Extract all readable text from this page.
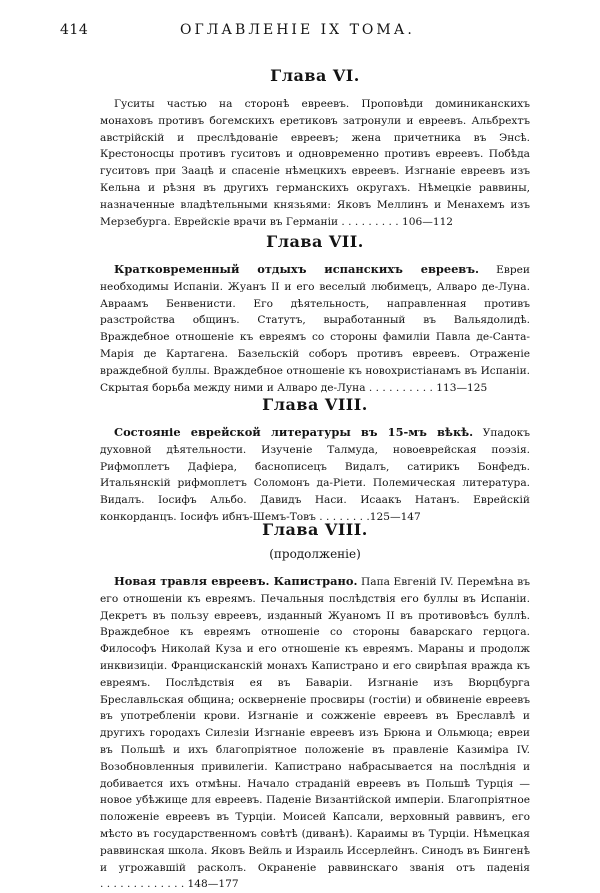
414	ОГЛАВЛЕНІЕ IX ТОМА.
Глава VI.
Гуситы частью на сторонѣ евреевъ. Проповѣди доминиканскихъ монаховъ противъ богемскихъ еретиковъ затронули и евреевъ. Альбрехтъ австрійскій и преслѣдованіе евреевъ; жена причетника въ Энсѣ. Крестоносцы противъ гуситовъ и одновременно противъ евреевъ. Побѣда гуситовъ при Заацѣ и спасеніе нѣмецкихъ евреевъ. Изгнаніе евреевъ изъ Кельна и рѣзня въ другихъ германскихъ округахъ. Нѣмецкіе раввины, назначенные владѣтельными князьями: Яковъ Меллинъ и Менахемъ изъ Мерзебурга. Еврейскіе врачи въ Германіи . . . . . . . . . 106—112
Глава VII.
Кратковременный отдыхъ испанскихъ евреевъ. Евреи необходимы Испаніи. Жуанъ II и его веселый любимецъ, Алваро де-Луна. Авраамъ Бенвенисти. Его дѣятельность, направленная противъ разстройства общинъ. Статутъ, выработанный въ Вальядолидѣ. Враждебное отношеніе къ евреямъ со стороны фамиліи Павла де-Санта-Марія де Картагена. Базельскій соборъ противъ евреевъ. Отраженіе враждебной буллы. Враждебное отношеніе къ новохристіанамъ въ Испаніи. Скрытая борьба между ними и Алваро де-Луна . . . . . . . . . . 113—125
Глава VIII.
Состояніе еврейской литературы въ 15-мъ вѣкѣ. Упадокъ духовной дѣятельности. Изученіе Талмуда, новоеврейская поэзія. Рифмоплетъ Дафіера, баснописецъ Видалъ, сатирикъ Бонфедъ. Итальянскій рифмоплетъ Соломонъ да-Ріети. Полемическая литература. Видалъ. Іосифъ Альбо. Давидъ Наси. Исаакъ Натанъ. Еврейскій конкорданцъ. Іосифъ ибнъ-Шемъ-Товъ . . . . . . . .125—147
Глава VIII.
(продолженіе)
Новая травля евреевъ. Капистрано. Папа Евгеній IV. Перемѣна въ его отношеніи къ евреямъ. Печальныя послѣдствія его буллы въ Испаніи. Декретъ въ пользу евреевъ, изданный Жуаномъ II въ противовѣсъ буллѣ. Враждебное къ евреямъ отношеніе со стороны баварскаго герцога. Философъ Николай Куза и его отношеніе къ евреямъ. Мараны и продолж инквизиціи. Францисканскій монахъ Капистрано и его свирѣпая вражда къ евреямъ. Послѣдствія ея въ Баваріи. Изгнаніе изъ Вюрцбурга Бреславльская община; оскверненіе просвиры (гостіи) и обвиненіе евреевъ въ употребленіи крови. Изгнаніе и сожженіе евреевъ въ Бреславлѣ и другихъ городахъ Силезіи Изгнаніе евреевъ изъ Брюна и Ольмюца; евреи въ Польшѣ и ихъ благопріятное положеніе въ правленіе Казиміра IV. Возобновленныя привилегіи. Капистрано набрасывается на послѣднія и добивается ихъ отмѣны. Начало страданій евреевъ въ Польшѣ Турція —новое убѣжище для евреевъ. Паденіе Византійской имперіи. Благопріятное положеніе евреевъ въ Турціи. Моисей Капсали, верховный раввинъ, его мѣсто въ государственномъ совѣтѣ (диванѣ). Караимы въ Турціи. Нѣмецкая раввинская школа. Яковъ Вейль и Израиль Иссерлейнъ. Синодъ въ Бингенѣ и угрожавшій расколъ. Окраненіе раввинскаго званія отъ паденія . . . . . . . . . . . . . 148—177
